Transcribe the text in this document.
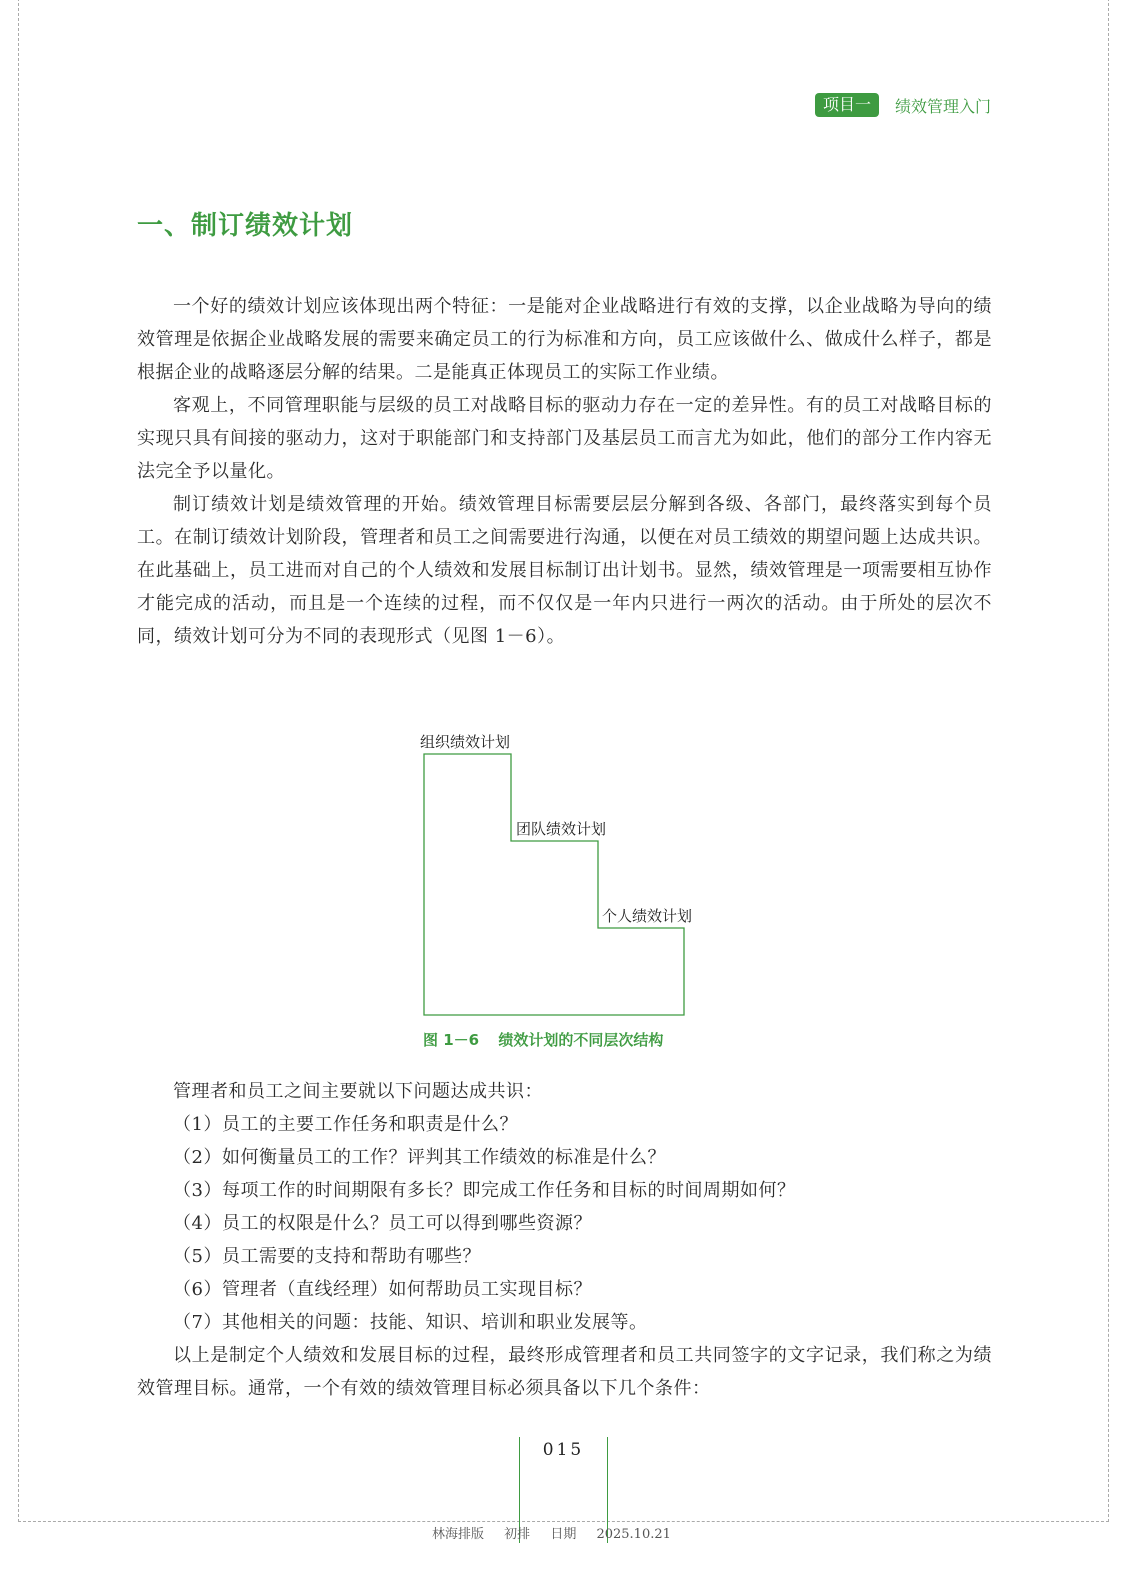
项目一	绩效管理入门
一、制订绩效计划

一个好的绩效计划应该体现出两个特征：一是能对企业战略进行有效的支撑，以企业战略为导向的绩效管理是依据企业战略发展的需要来确定员工的行为标准和方向，员工应该做什么、做成什么样子，都是根据企业的战略逐层分解的结果。二是能真正体现员工的实际工作业绩。

客观上，不同管理职能与层级的员工对战略目标的驱动力存在一定的差异性。有的员工对战略目标的实现只具有间接的驱动力，这对于职能部门和支持部门及基层员工而言尤为如此，他们的部分工作内容无法完全予以量化。

制订绩效计划是绩效管理的开始。绩效管理目标需要层层分解到各级、各部门，最终落实到每个员工。在制订绩效计划阶段，管理者和员工之间需要进行沟通，以便在对员工绩效的期望问题上达成共识。在此基础上，员工进而对自己的个人绩效和发展目标制订出计划书。显然，绩效管理是一项需要相互协作才能完成的活动，而且是一个连续的过程，而不仅仅是一年内只进行一两次的活动。由于所处的层次不同，绩效计划可分为不同的表现形式（见图 1－6）。

组织绩效计划
团队绩效计划
个人绩效计划
图 1－6 绩效计划的不同层次结构

管理者和员工之间主要就以下问题达成共识：

（1）员工的主要工作任务和职责是什么？

（2）如何衡量员工的工作？评判其工作绩效的标准是什么？

（3）每项工作的时间期限有多长？即完成工作任务和目标的时间周期如何？

（4）员工的权限是什么？员工可以得到哪些资源？

（5）员工需要的支持和帮助有哪些？

（6）管理者（直线经理）如何帮助员工实现目标？

（7）其他相关的问题：技能、知识、培训和职业发展等。

以上是制定个人绩效和发展目标的过程，最终形成管理者和员工共同签字的文字记录，我们称之为绩效管理目标。通常，一个有效的绩效管理目标必须具备以下几个条件：

015
林海排版 初排 日期 2025.10.21
